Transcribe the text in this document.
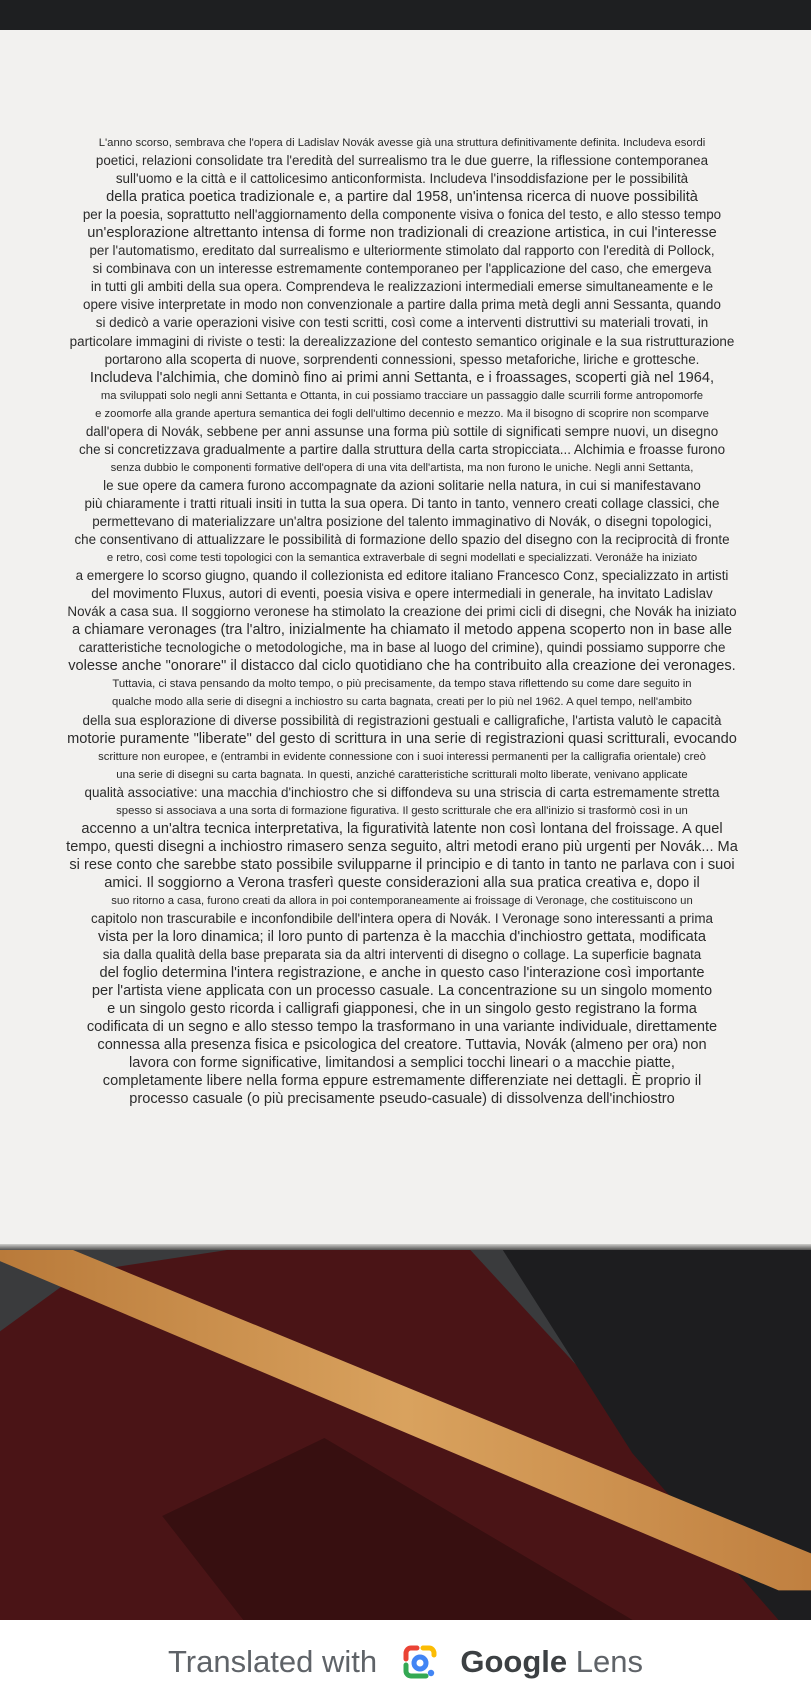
L'anno scorso, sembrava che l'opera di Ladislav Novák avesse già una struttura definitivamente definita. Includeva esordi
poetici, relazioni consolidate tra l'eredità del surrealismo tra le due guerre, la riflessione contemporanea
sull'uomo e la città e il cattolicesimo anticonformista. Includeva l'insoddisfazione per le possibilità
della pratica poetica tradizionale e, a partire dal 1958, un'intensa ricerca di nuove possibilità
per la poesia, soprattutto nell'aggiornamento della componente visiva o fonica del testo, e allo stesso tempo
un'esplorazione altrettanto intensa di forme non tradizionali di creazione artistica, in cui l'interesse
per l'automatismo, ereditato dal surrealismo e ulteriormente stimolato dal rapporto con l'eredità di Pollock,
si combinava con un interesse estremamente contemporaneo per l'applicazione del caso, che emergeva
in tutti gli ambiti della sua opera. Comprendeva le realizzazioni intermediali emerse simultaneamente e le
opere visive interpretate in modo non convenzionale a partire dalla prima metà degli anni Sessanta, quando
si dedicò a varie operazioni visive con testi scritti, così come a interventi distruttivi su materiali trovati, in
particolare immagini di riviste o testi: la derealizzazione del contesto semantico originale e la sua ristrutturazione
portarono alla scoperta di nuove, sorprendenti connessioni, spesso metaforiche, liriche e grottesche.
Includeva l'alchimia, che dominò fino ai primi anni Settanta, e i froassages, scoperti già nel 1964,
ma sviluppati solo negli anni Settanta e Ottanta, in cui possiamo tracciare un passaggio dalle scurrili forme antropomorfe
e zoomorfe alla grande apertura semantica dei fogli dell'ultimo decennio e mezzo. Ma il bisogno di scoprire non scomparve
dall'opera di Novák, sebbene per anni assunse una forma più sottile di significati sempre nuovi, un disegno
che si concretizzava gradualmente a partire dalla struttura della carta stropicciata... Alchimia e froasse furono
senza dubbio le componenti formative dell'opera di una vita dell'artista, ma non furono le uniche. Negli anni Settanta,
le sue opere da camera furono accompagnate da azioni solitarie nella natura, in cui si manifestavano
più chiaramente i tratti rituali insiti in tutta la sua opera. Di tanto in tanto, vennero creati collage classici, che
permettevano di materializzare un'altra posizione del talento immaginativo di Novák, o disegni topologici,
che consentivano di attualizzare le possibilità di formazione dello spazio del disegno con la reciprocità di fronte
e retro, così come testi topologici con la semantica extraverbale di segni modellati e specializzati. Veronáže ha iniziato
a emergere lo scorso giugno, quando il collezionista ed editore italiano Francesco Conz, specializzato in artisti
del movimento Fluxus, autori di eventi, poesia visiva e opere intermediali in generale, ha invitato Ladislav
Novák a casa sua. Il soggiorno veronese ha stimolato la creazione dei primi cicli di disegni, che Novák ha iniziato
a chiamare veronages (tra l'altro, inizialmente ha chiamato il metodo appena scoperto non in base alle
caratteristiche tecnologiche o metodologiche, ma in base al luogo del crimine), quindi possiamo supporre che
volesse anche "onorare" il distacco dal ciclo quotidiano che ha contribuito alla creazione dei veronages.
Tuttavia, ci stava pensando da molto tempo, o più precisamente, da tempo stava riflettendo su come dare seguito in
qualche modo alla serie di disegni a inchiostro su carta bagnata, creati per lo più nel 1962. A quel tempo, nell'ambito
della sua esplorazione di diverse possibilità di registrazioni gestuali e calligrafiche, l'artista valutò le capacità
motorie puramente "liberate" del gesto di scrittura in una serie di registrazioni quasi scritturali, evocando
scritture non europee, e (entrambi in evidente connessione con i suoi interessi permanenti per la calligrafia orientale) creò
una serie di disegni su carta bagnata. In questi, anziché caratteristiche scritturali molto liberate, venivano applicate
qualità associative: una macchia d'inchiostro che si diffondeva su una striscia di carta estremamente stretta
spesso si associava a una sorta di formazione figurativa. Il gesto scritturale che era all'inizio si trasformò così in un
accenno a un'altra tecnica interpretativa, la figuratività latente non così lontana del froissage. A quel
tempo, questi disegni a inchiostro rimasero senza seguito, altri metodi erano più urgenti per Novák... Ma
si rese conto che sarebbe stato possibile svilupparne il principio e di tanto in tanto ne parlava con i suoi
amici. Il soggiorno a Verona trasferì queste considerazioni alla sua pratica creativa e, dopo il
suo ritorno a casa, furono creati da allora in poi contemporaneamente ai froissage di Veronage, che costituiscono un
capitolo non trascurabile e inconfondibile dell'intera opera di Novák. I Veronage sono interessanti a prima
vista per la loro dinamica; il loro punto di partenza è la macchia d'inchiostro gettata, modificata
sia dalla qualità della base preparata sia da altri interventi di disegno o collage. La superficie bagnata
del foglio determina l'intera registrazione, e anche in questo caso l'interazione così importante
per l'artista viene applicata con un processo casuale. La concentrazione su un singolo momento
e un singolo gesto ricorda i calligrafi giapponesi, che in un singolo gesto registrano la forma
codificata di un segno e allo stesso tempo la trasformano in una variante individuale, direttamente
connessa alla presenza fisica e psicologica del creatore. Tuttavia, Novák (almeno per ora) non
lavora con forme significative, limitandosi a semplici tocchi lineari o a macchie piatte,
completamente libere nella forma eppure estremamente differenziate nei dettagli. È proprio il
processo casuale (o più precisamente pseudo-casuale) di dissolvenza dell'inchiostro
Translated with	Google Lens
